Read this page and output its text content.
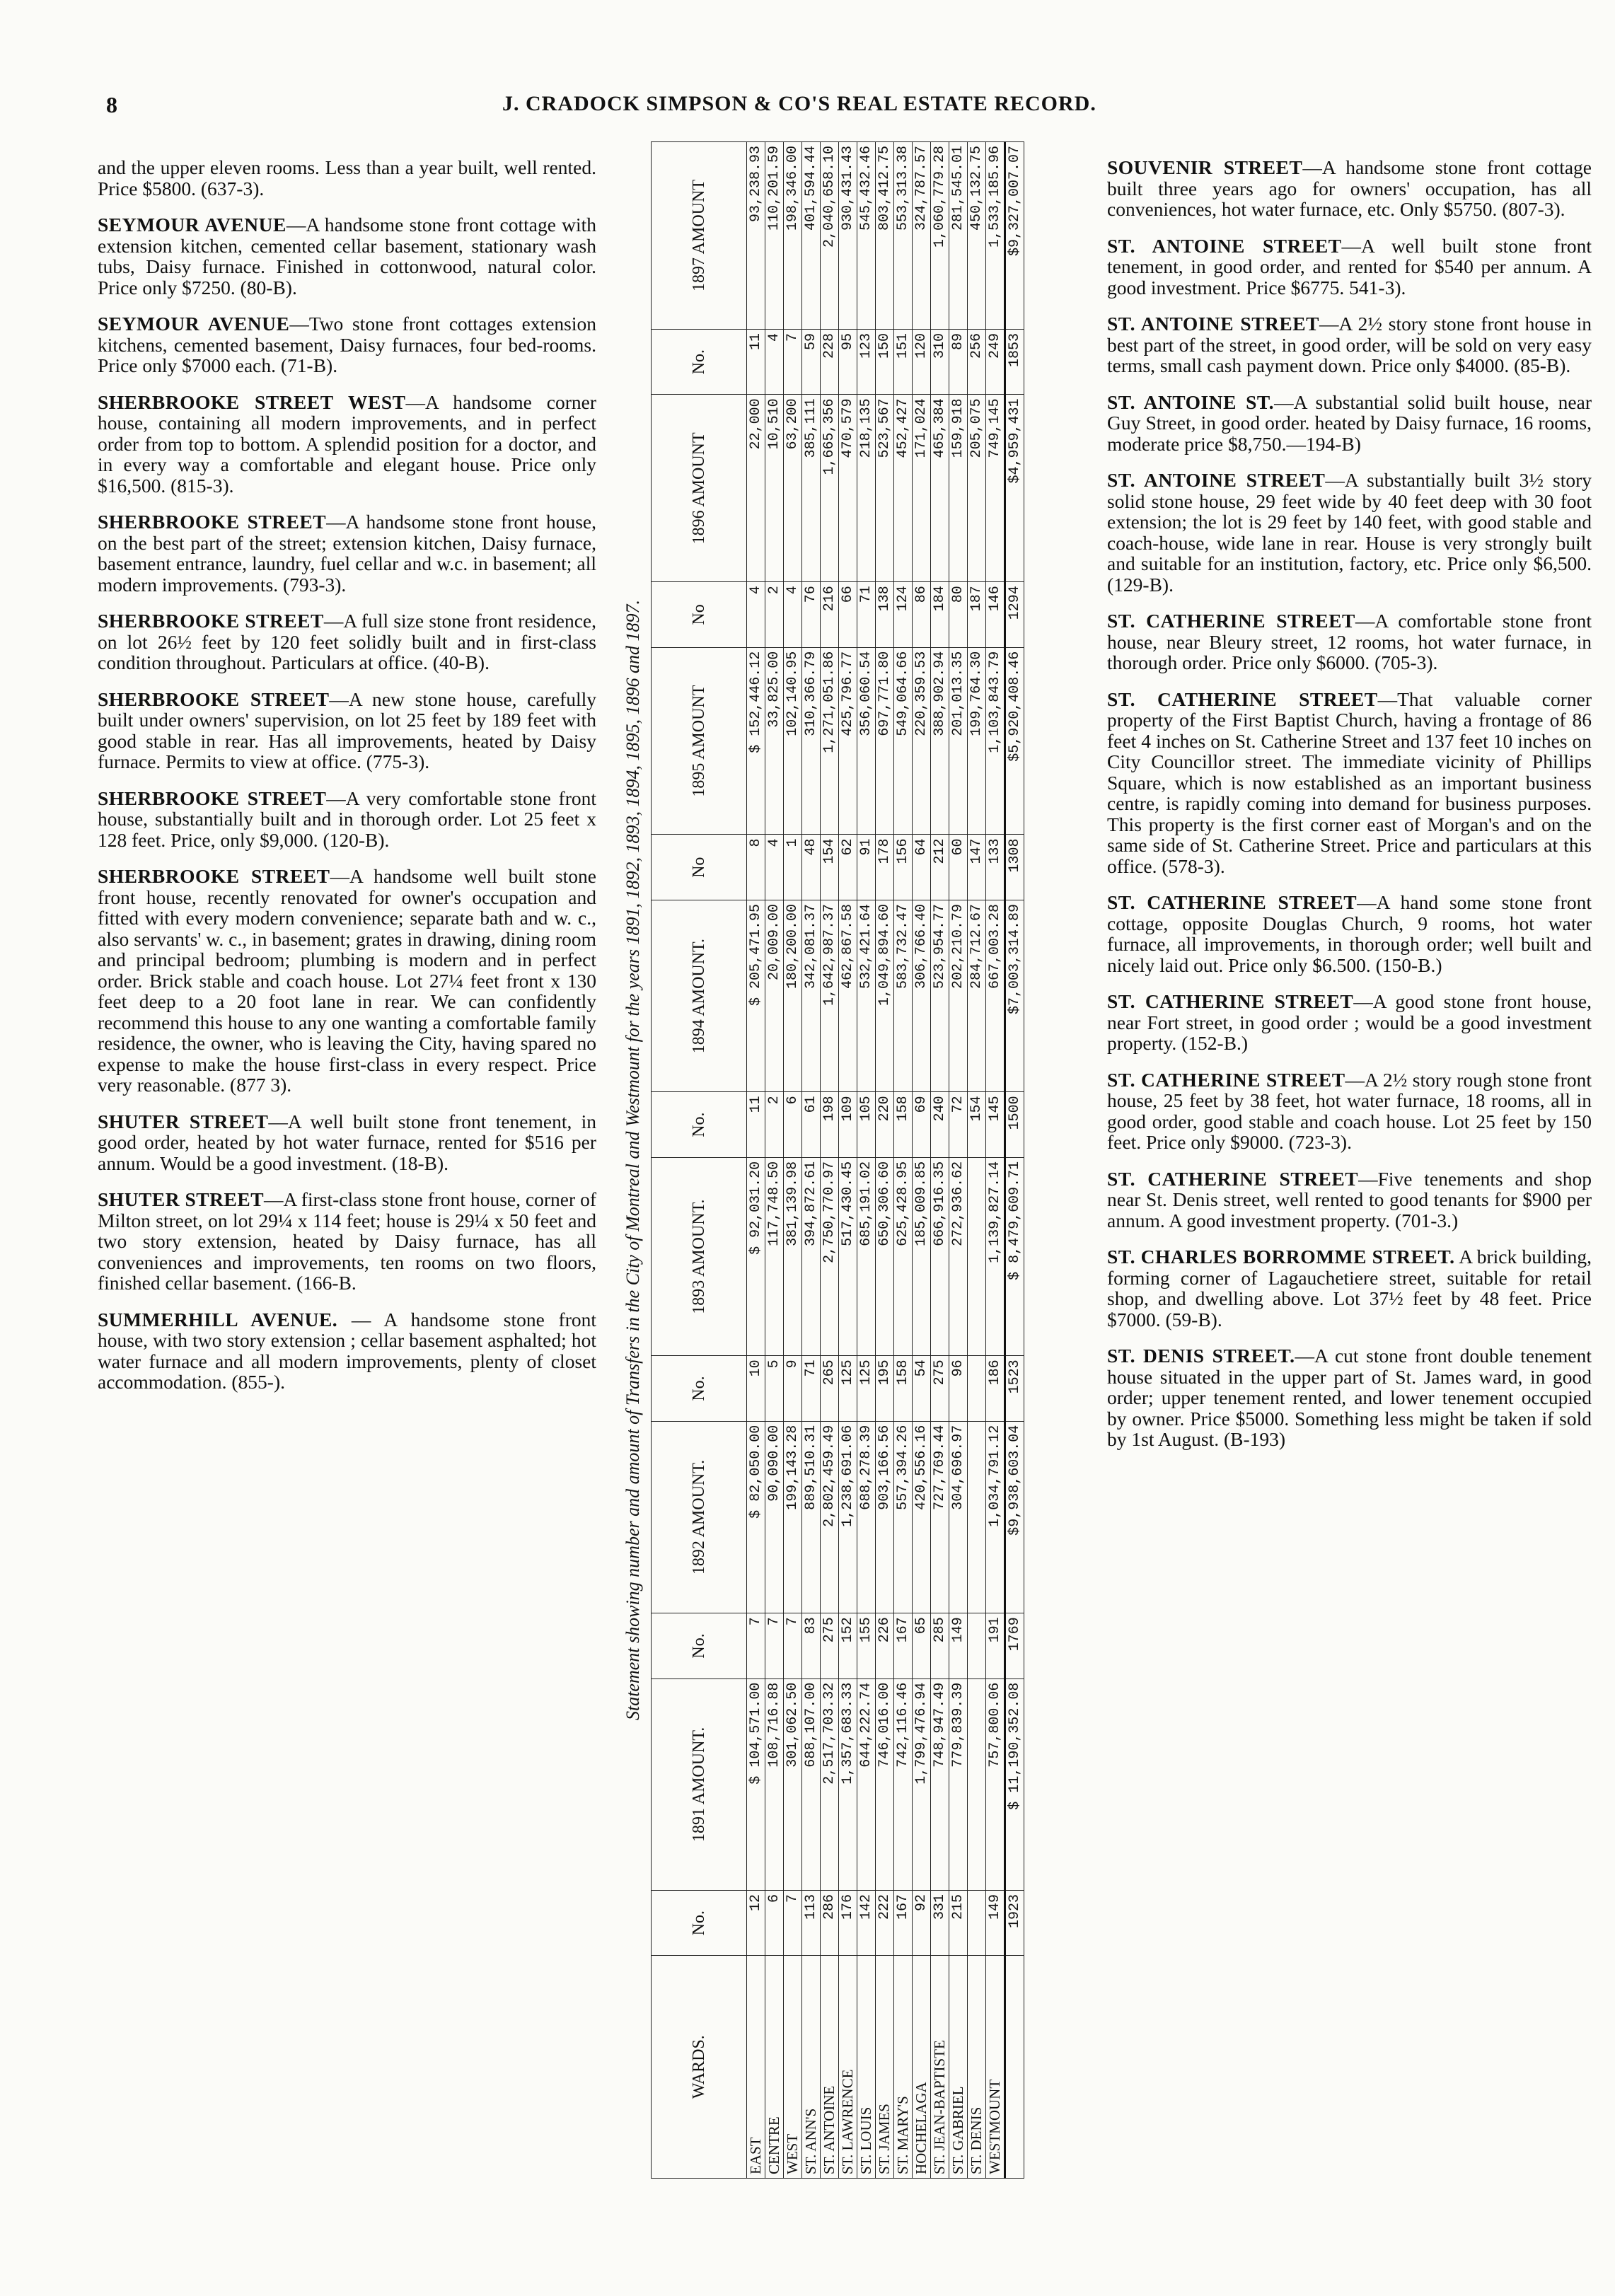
8	J. CRADOCK SIMPSON & CO'S REAL ESTATE RECORD.

and the upper eleven rooms. Less than a year built, well rented. Price $5800. (637-3).

SEYMOUR AVENUE—A handsome stone front cottage with extension kitchen, cemented cellar basement, stationary wash tubs, Daisy furnace. Finished in cottonwood, natural color. Price only $7250. (80-B).

SEYMOUR AVENUE—Two stone front cottages extension kitchens, cemented basement, Daisy furnaces, four bed-rooms. Price only $7000 each. (71-B).

SHERBROOKE STREET WEST—A handsome corner house, containing all modern improvements, and in perfect order from top to bottom. A splendid position for a doctor, and in every way a comfortable and elegant house. Price only $16,500. (815-3).

SHERBROOKE STREET—A handsome stone front house, on the best part of the street; extension kitchen, Daisy furnace, basement entrance, laundry, fuel cellar and w.c. in basement; all modern improvements. (793-3).

SHERBROOKE STREET—A full size stone front residence, on lot 26½ feet by 120 feet solidly built and in first-class condition throughout. Particulars at office. (40-B).

SHERBROOKE STREET—A new stone house, carefully built under owners' supervision, on lot 25 feet by 189 feet with good stable in rear. Has all improvements, heated by Daisy furnace. Permits to view at office. (775-3).

SHERBROOKE STREET—A very comfortable stone front house, substantially built and in thorough order. Lot 25 feet x 128 feet. Price, only $9,000. (120-B).

SHERBROOKE STREET—A handsome well built stone front house, recently renovated for owner's occupation and fitted with every modern convenience; separate bath and w. c., also servants' w. c., in basement; grates in drawing, dining room and principal bedroom; plumbing is modern and in perfect order. Brick stable and coach house. Lot 27¼ feet front x 130 feet deep to a 20 foot lane in rear. We can confidently recommend this house to any one wanting a comfortable family residence, the owner, who is leaving the City, having spared no expense to make the house first-class in every respect. Price very reasonable. (877 3).

SHUTER STREET—A well built stone front tenement, in good order, heated by hot water furnace, rented for $516 per annum. Would be a good investment. (18-B).

SHUTER STREET—A first-class stone front house, corner of Milton street, on lot 29¼ x 114 feet; house is 29¼ x 50 feet and two story extension, heated by Daisy furnace, has all conveniences and improvements, ten rooms on two floors, finished cellar basement. (166-B.

SUMMERHILL AVENUE. — A handsome stone front house, with two story extension ; cellar basement asphalted; hot water furnace and all modern improvements, plenty of closet accommodation. (855-).	Statement showing number and amount of Transfers in the City of Montreal and Westmount for the years 1891, 1892, 1893, 1894, 1895, 1896 and 1897.
WARDS.	No.	1891 AMOUNT.	No.	1892 AMOUNT.	No.	1893 AMOUNT.	No.	1894 AMOUNT.	No	1895 AMOUNT	No	1896 AMOUNT	No.	1897 AMOUNT
EAST	12	$ 104,571.00	7	$ 82,050.00	10	$ 92,031.20	11	$ 205,471.95	8	$ 152,446.12	4	22,000	11	93,238.93
CENTRE	6	108,716.88	7	90,090.00	5	117,748.50	2	20,009.00	4	33,825.00	2	10,510	4	110,201.59
WEST	7	301,062.50	7	199,143.28	9	381,139.98	6	180,200.00	1	102,140.95	4	63,200	7	198,346.00
ST. ANN'S	113	688,107.00	83	889,510.31	71	394,872.61	61	342,081.37	48	310,366.79	76	385,111	59	401,594.44
ST. ANTOINE	286	2,517,703.32	275	2,802,459.49	265	2,750,770.97	198	1,642,987.37	154	1,271,051.86	216	1,665,356	228	2,040,658.10
ST. LAWRENCE	176	1,357,683.33	152	1,238,691.06	125	517,430.45	109	462,867.58	62	425,796.77	66	470,579	95	930,431.43
ST. LOUIS	142	644,222.74	155	688,278.39	125	685,191.02	105	532,421.64	91	356,060.54	71	218,135	123	545,432.46
ST. JAMES	222	746,016.00	226	903,166.56	195	650,306.60	220	1,049,894.60	178	697,771.80	138	523,567	150	803,412.75
ST. MARY'S	167	742,116.46	167	557,394.26	158	625,428.95	158	583,732.47	156	549,064.66	124	452,427	151	553,313.38
HOCHELAGA	92	1,799,476.94	65	420,556.16	54	185,009.85	69	306,766.40	64	220,359.53	86	171,024	120	324,787.57
ST. JEAN-BAPTISTE	331	748,947.49	285	727,769.44	275	666,916.35	240	523,954.77	212	388,902.94	184	465,384	310	1,060,779.28
ST. GABRIEL	215	779,839.39	149	304,696.97	96	272,936.62	72	202,210.79	60	201,013.35	80	159,918	89	281,545.01
ST. DENIS							154	284,712.67	147	199,764.30	187	205,075	256	450,132.75
WESTMOUNT	149	757,800.06	191	1,034,791.12	186	1,139,827.14	145	667,003.28	133	1,103,843.79	146	749,145	249	1,533,185.96
	1923	$ 11,190,352.08	1769	$9,938,603.04	1523	$ 8,479,609.71	1500	$7,003,314.89	1308	$5,920,408.46	1294	$4,959,431	1853	$9,327,007.07	SOUVENIR STREET—A handsome stone front cottage built three years ago for owners' occupation, has all conveniences, hot water furnace, etc. Only $5750. (807-3).

ST. ANTOINE STREET—A well built stone front tenement, in good order, and rented for $540 per annum. A good investment. Price $6775. 541-3).

ST. ANTOINE STREET—A 2½ story stone front house in best part of the street, in good order, will be sold on very easy terms, small cash payment down. Price only $4000. (85-B).

ST. ANTOINE ST.—A substantial solid built house, near Guy Street, in good order. heated by Daisy furnace, 16 rooms, moderate price $8,750.—194-B)

ST. ANTOINE STREET—A substantially built 3½ story solid stone house, 29 feet wide by 40 feet deep with 30 foot extension; the lot is 29 feet by 140 feet, with good stable and coach-house, wide lane in rear. House is very strongly built and suitable for an institution, factory, etc. Price only $6,500. (129-B).

ST. CATHERINE STREET—A comfortable stone front house, near Bleury street, 12 rooms, hot water furnace, in thorough order. Price only $6000. (705-3).

ST. CATHERINE STREET—That valuable corner property of the First Baptist Church, having a frontage of 86 feet 4 inches on St. Catherine Street and 137 feet 10 inches on City Councillor street. The immediate vicinity of Phillips Square, which is now established as an important business centre, is rapidly coming into demand for business purposes. This property is the first corner east of Morgan's and on the same side of St. Catherine Street. Price and particulars at this office. (578-3).

ST. CATHERINE STREET—A hand some stone front cottage, opposite Douglas Church, 9 rooms, hot water furnace, all improvements, in thorough order; well built and nicely laid out. Price only $6.500. (150-B.)

ST. CATHERINE STREET—A good stone front house, near Fort street, in good order ; would be a good investment property. (152-B.)

ST. CATHERINE STREET—A 2½ story rough stone front house, 25 feet by 38 feet, hot water furnace, 18 rooms, all in good order, good stable and coach house. Lot 25 feet by 150 feet. Price only $9000. (723-3).

ST. CATHERINE STREET—Five tenements and shop near St. Denis street, well rented to good tenants for $900 per annum. A good investment property. (701-3.)

ST. CHARLES BORROMME STREET. A brick building, forming corner of Lagauchetiere street, suitable for retail shop, and dwelling above. Lot 37½ feet by 48 feet. Price $7000. (59-B).

ST. DENIS STREET.—A cut stone front double tenement house situated in the upper part of St. James ward, in good order; upper tenement rented, and lower tenement occupied by owner. Price $5000. Something less might be taken if sold by 1st August. (B-193)
